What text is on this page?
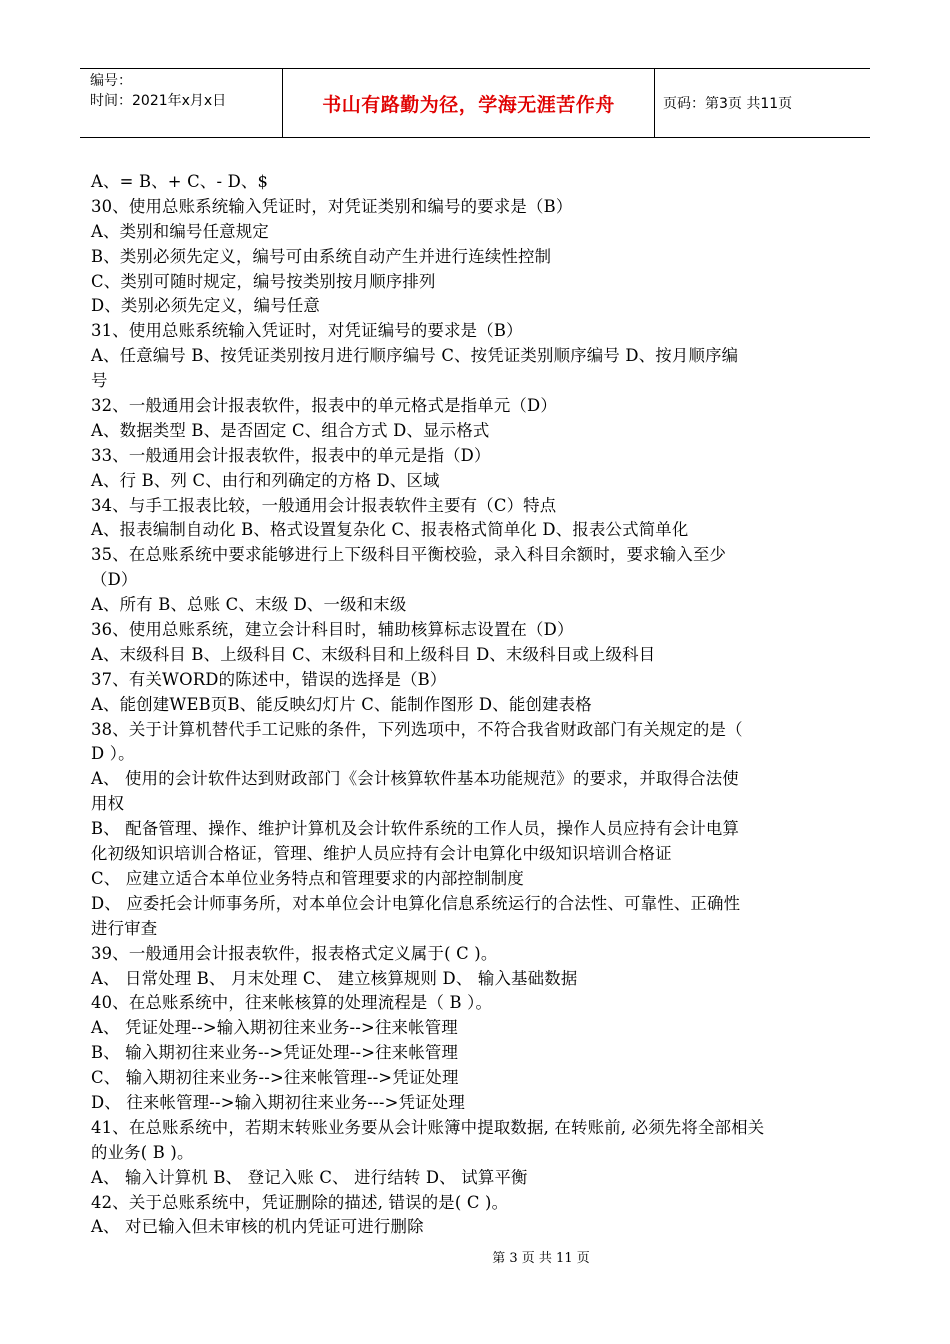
编号：
时间：2021年x月x日	书山有路勤为径，学海无涯苦作舟	页码：第3页 共11页
A、= B、+ C、- D、$
30、使用总账系统输入凭证时，对凭证类别和编号的要求是（B）
A、类别和编号任意规定
B、类别必须先定义，编号可由系统自动产生并进行连续性控制
C、类别可随时规定，编号按类别按月顺序排列
D、类别必须先定义，编号任意
31、使用总账系统输入凭证时，对凭证编号的要求是（B）
A、任意编号 B、按凭证类别按月进行顺序编号 C、按凭证类别顺序编号 D、按月顺序编
号
32、一般通用会计报表软件，报表中的单元格式是指单元（D）
A、数据类型 B、是否固定 C、组合方式 D、显示格式
33、一般通用会计报表软件，报表中的单元是指（D）
A、行 B、列 C、由行和列确定的方格 D、区域
34、与手工报表比较，一般通用会计报表软件主要有（C）特点
A、报表编制自动化 B、格式设置复杂化 C、报表格式简单化 D、报表公式简单化
35、在总账系统中要求能够进行上下级科目平衡校验，录入科目余额时，要求输入至少
（D）
A、所有 B、总账 C、末级 D、一级和末级
36、使用总账系统，建立会计科目时，辅助核算标志设置在（D）
A、末级科目 B、上级科目 C、末级科目和上级科目 D、末级科目或上级科目
37、有关WORD的陈述中，错误的选择是（B）
A、能创建WEB页B、能反映幻灯片 C、能制作图形 D、能创建表格
38、关于计算机替代手工记账的条件，下列选项中，不符合我省财政部门有关规定的是（
D ）。
A、 使用的会计软件达到财政部门《会计核算软件基本功能规范》的要求，并取得合法使
用权
B、 配备管理、操作、维护计算机及会计软件系统的工作人员，操作人员应持有会计电算
化初级知识培训合格证，管理、维护人员应持有会计电算化中级知识培训合格证
C、 应建立适合本单位业务特点和管理要求的内部控制制度
D、 应委托会计师事务所，对本单位会计电算化信息系统运行的合法性、可靠性、正确性
进行审查
39、一般通用会计报表软件，报表格式定义属于( C )。
A、 日常处理 B、 月末处理 C、 建立核算规则 D、 输入基础数据
40、在总账系统中，往来帐核算的处理流程是（ B ）。
A、 凭证处理-->输入期初往来业务-->往来帐管理
B、 输入期初往来业务-->凭证处理-->往来帐管理
C、 输入期初往来业务-->往来帐管理-->凭证处理
D、 往来帐管理-->输入期初往来业务--->凭证处理
41、在总账系统中，若期末转账业务要从会计账簿中提取数据, 在转账前, 必须先将全部相关
的业务( B )。
A、 输入计算机 B、 登记入账 C、 进行结转 D、 试算平衡
42、关于总账系统中，凭证删除的描述, 错误的是( C )。
A、 对已输入但未审核的机内凭证可进行删除
第 3 页 共 11 页
